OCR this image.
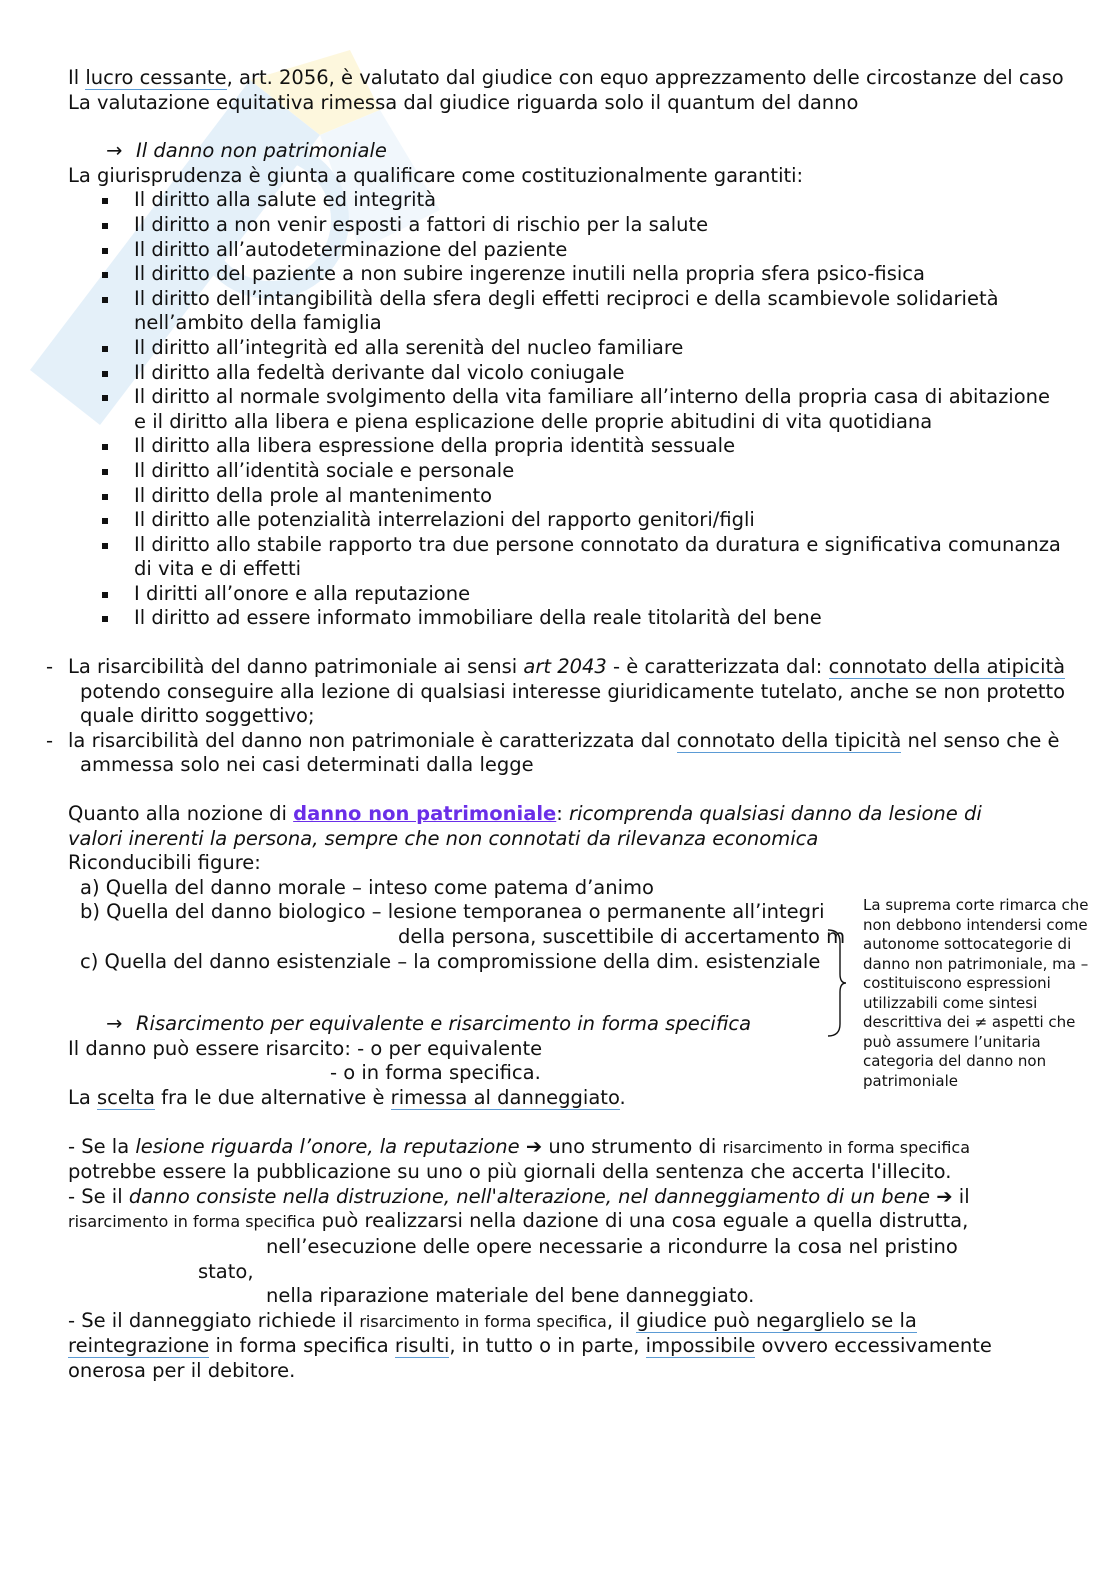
Il lucro cessante, art. 2056, è valutato dal giudice con equo apprezzamento delle circostanze del caso

La valutazione equitativa rimessa dal giudice riguarda solo il quantum del danno

→ Il danno non patrimoniale

La giurisprudenza è giunta a qualificare come costituzionalmente garantiti:

Il diritto alla salute ed integrità
Il diritto a non venir esposti a fattori di rischio per la salute
Il diritto all’autodeterminazione del paziente
Il diritto del paziente a non subire ingerenze inutili nella propria sfera psico-fisica
Il diritto dell’intangibilità della sfera degli effetti reciproci e della scambievole solidarietà nell’ambito della famiglia
Il diritto all’integrità ed alla serenità del nucleo familiare
Il diritto alla fedeltà derivante dal vicolo coniugale
Il diritto al normale svolgimento della vita familiare all’interno della propria casa di abitazione e il diritto alla libera e piena esplicazione delle proprie abitudini di vita quotidiana
Il diritto alla libera espressione della propria identità sessuale
Il diritto all’identità sociale e personale
Il diritto della prole al mantenimento
Il diritto alle potenzialità interrelazioni del rapporto genitori/figli
Il diritto allo stabile rapporto tra due persone connotato da duratura e significativa comunanza di vita e di effetti
I diritti all’onore e alla reputazione
Il diritto ad essere informato immobiliare della reale titolarità del bene
- La risarcibilità del danno patrimoniale ai sensi art 2043 - è caratterizzata dal: connotato della atipicità potendo conseguire alla lezione di qualsiasi interesse giuridicamente tutelato, anche se non protetto quale diritto soggettivo;
- la risarcibilità del danno non patrimoniale è caratterizzata dal connotato della tipicità nel senso che è ammessa solo nei casi determinati dalla legge

Quanto alla nozione di danno non patrimoniale: ricomprenda qualsiasi danno da lesione di valori inerenti la persona, sempre che non connotati da rilevanza economica

Riconducibili figure:

a) Quella del danno morale – inteso come patema d’animo

b) Quella del danno biologico – lesione temporanea o permanente all’integri

della persona, suscettibile di accertamento m

c) Quella del danno esistenziale – la compromissione della dim. esistenziale

→ Risarcimento per equivalente e risarcimento in forma specifica

Il danno può essere risarcito: - o per equivalente

- o in forma specifica.

La scelta fra le due alternative è rimessa al danneggiato.

- Se la lesione riguarda l’onore, la reputazione ➔ uno strumento di risarcimento in forma specifica potrebbe essere la pubblicazione su uno o più giornali della sentenza che accerta l'illecito.

- Se il danno consiste nella distruzione, nell'alterazione, nel danneggiamento di un bene ➔ il risarcimento in forma specifica può realizzarsi nella dazione di una cosa eguale a quella distrutta,

nell’esecuzione delle opere necessarie a ricondurre la cosa nel pristino

stato,

nella riparazione materiale del bene danneggiato.

- Se il danneggiato richiede il risarcimento in forma specifica, il giudice può negarglielo se la reintegrazione in forma specifica risulti, in tutto o in parte, impossibile ovvero eccessivamente onerosa per il debitore.

La suprema corte rimarca che non debbono intendersi come autonome sottocategorie di danno non patrimoniale, ma – costituiscono espressioni utilizzabili come sintesi descrittiva dei ≠ aspetti che può assumere l’unitaria categoria del danno non patrimoniale
